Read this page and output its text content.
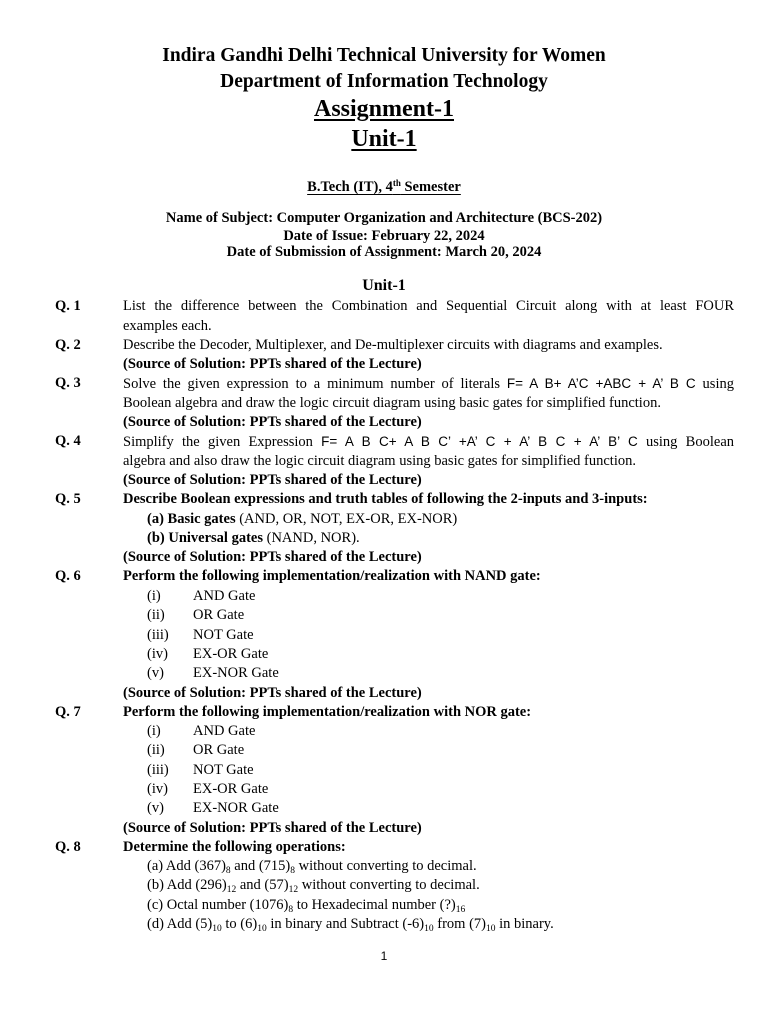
Indira Gandhi Delhi Technical University for Women
Department of Information Technology
Assignment-1
Unit-1
B.Tech (IT), 4th Semester
Name of Subject: Computer Organization and Architecture (BCS-202)
Date of Issue: February 22, 2024
Date of Submission of Assignment: March 20, 2024
Unit-1
Q. 1	List the difference between the Combination and Sequential Circuit along with at least FOUR
examples each.
Q. 2	Describe the Decoder, Multiplexer, and De-multiplexer circuits with diagrams and examples.
(Source of Solution: PPTs shared of the Lecture)
Q. 3	Solve the given expression to a minimum number of literals F= A B+ A’C +ABC + A’ B C using
Boolean algebra and draw the logic circuit diagram using basic gates for simplified function.
(Source of Solution: PPTs shared of the Lecture)
Q. 4	Simplify the given Expression F= A B C+ A B C’ +A’ C + A’ B C + A’ B’ C using Boolean
algebra and also draw the logic circuit diagram using basic gates for simplified function.
(Source of Solution: PPTs shared of the Lecture)
Q. 5	Describe Boolean expressions and truth tables of following the 2-inputs and 3-inputs:
(a) Basic gates (AND, OR, NOT, EX-OR, EX-NOR)
(b) Universal gates (NAND, NOR).
(Source of Solution: PPTs shared of the Lecture)
Q. 6	Perform the following implementation/realization with NAND gate:
(i) AND Gate
(ii) OR Gate
(iii) NOT Gate
(iv) EX-OR Gate
(v) EX-NOR Gate
(Source of Solution: PPTs shared of the Lecture)
Q. 7	Perform the following implementation/realization with NOR gate:
(i) AND Gate
(ii) OR Gate
(iii) NOT Gate
(iv) EX-OR Gate
(v) EX-NOR Gate
(Source of Solution: PPTs shared of the Lecture)
Q. 8	Determine the following operations:
(a) Add $(367)_8$ and $(715)_8$ without converting to decimal.
(b) Add $(296)_{12}$ and $(57)_{12}$ without converting to decimal.
(c) Octal number $(1076)_8$ to Hexadecimal number $(?)_{16}$
(d) Add $(5)_{10}$ to $(6)_{10}$ in binary and Subtract $(-6)_{10}$ from $(7)_{10}$ in binary.
1
